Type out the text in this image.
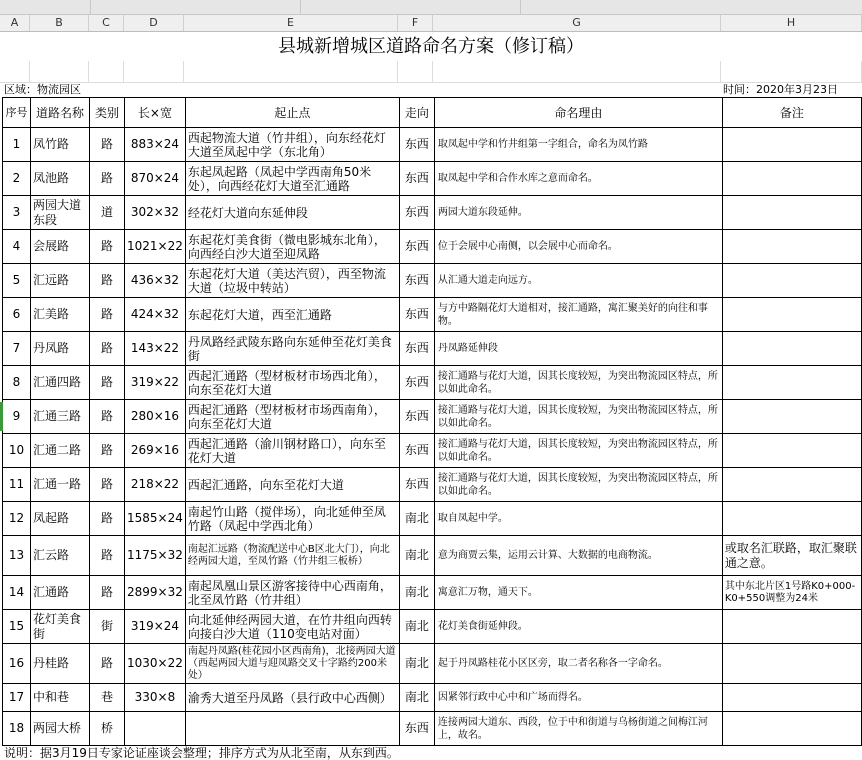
A	B	C	D	E	F	G	H
县城新增城区道路命名方案（修订稿）
区域：物流园区	时间：2020年3月23日
序号	道路名称	类别	长×宽	起止点	走向	命名理由	备注
1	凤竹路	路	883×24	西起物流大道（竹井组），向东经花灯大道至凤起中学（东北角）	东西	取凤起中学和竹井组第一字组合，命名为凤竹路	
2	凤池路	路	870×24	东起凤起路（凤起中学西南角50米处），向西经花灯大道至汇通路	东西	取凤起中学和合作水库之意而命名。	
3	两园大道东段	道	302×32	经花灯大道向东延伸段	东西	两园大道东段延伸。	
4	会展路	路	1021×22	东起花灯美食街（微电影城东北角），向西经白沙大道至迎凤路	东西	位于会展中心南侧，以会展中心而命名。	
5	汇远路	路	436×32	东起花灯大道（美达汽贸），西至物流大道（垃圾中转站）	东西	从汇通大道走向远方。	
6	汇美路	路	424×32	东起花灯大道，西至汇通路	东西	与方中路隔花灯大道相对，接汇通路，寓汇聚美好的向往和事物。	
7	丹凤路	路	143×22	丹凤路经武陵东路向东延伸至花灯美食街	东西	丹凤路延伸段	
8	汇通四路	路	319×22	西起汇通路（型材板材市场西北角），向东至花灯大道	东西	接汇通路与花灯大道，因其长度较短，为突出物流园区特点，所以如此命名。	
9	汇通三路	路	280×16	西起汇通路（型材板材市场西南角），向东至花灯大道	东西	接汇通路与花灯大道，因其长度较短，为突出物流园区特点，所以如此命名。	
10	汇通二路	路	269×16	西起汇通路（渝川钢材路口），向东至花灯大道	东西	接汇通路与花灯大道，因其长度较短，为突出物流园区特点，所以如此命名。	
11	汇通一路	路	218×22	西起汇通路，向东至花灯大道	东西	接汇通路与花灯大道，因其长度较短，为突出物流园区特点，所以如此命名。	
12	凤起路	路	1585×24	南起竹山路（搅伴场），向北延伸至凤竹路（凤起中学西北角）	南北	取自凤起中学。	
13	汇云路	路	1175×32	南起汇远路（物流配送中心B区北大门），向北经两园大道，至凤竹路（竹井组三板桥）	南北	意为商贾云集，运用云计算、大数据的电商物流。	或取名汇联路，取汇聚联通之意。
14	汇通路	路	2899×32	南起凤凰山景区游客接待中心西南角，北至凤竹路（竹井组）	南北	寓意汇万物，通天下。	其中东北片区1号路K0+000-K0+550调整为24米
15	花灯美食街	街	319×24	向北延伸经两园大道，在竹井组向西转向接白沙大道（110变电站对面）	南北	花灯美食街延伸段。	
16	丹桂路	路	1030×22	南起丹凤路(桂花园小区西南角)，北接两园大道（西起两园大道与迎凤路交叉十字路约200米处）	南北	起于丹凤路桂花小区区旁，取二者名称各一字命名。	
17	中和巷	巷	330×8	渝秀大道至丹凤路（县行政中心西侧）	南北	因紧邻行政中心中和广场而得名。	
18	两园大桥	桥			东西	连接两园大道东、西段，位于中和街道与乌杨街道之间梅江河上，故名。	
说明：据3月19日专家论证座谈会整理；排序方式为从北至南，从东到西。
